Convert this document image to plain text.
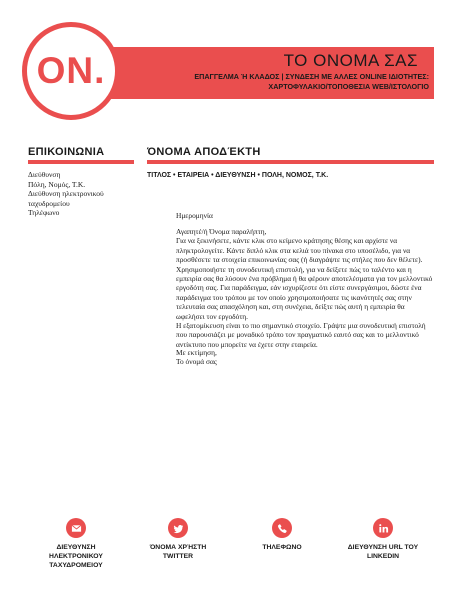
ON.	ΤΟ ΟΝΟΜΑ ΣΑΣ
ΕΠΑΓΓΕΛΜΑ Ή ΚΛΑΔΟΣ | ΣΥΝΔΕΣΗ ΜΕ ΑΛΛΕΣ ONLINE ΙΔΙΟΤΗΤΕΣ:
ΧΑΡΤΟΦΥΛΑΚΙΟ/ΤΟΠΟΘΕΣΙΑ WEB/ΙΣΤΟΛΟΓΙΟ
ΕΠΙΚΟΙΝΩΝΙΑ
Διεύθυνση
Πόλη, Νομός, Τ.Κ.
Διεύθυνση ηλεκτρονικού
ταχυδρομείου
Τηλέφωνο
ΌΝΟΜΑ ΑΠΟΔΈΚΤΗ
ΤΙΤΛΟΣ • ΕΤΑΙΡΕΙΑ • ΔΙΕΥΘΥΝΣΗ • ΠΟΛΗ, ΝΟΜΟΣ, Τ.Κ.
Ημερομηνία

Αγαπητέ/ή Όνομα παραλήπτη,

Για να ξεκινήσετε, κάντε κλικ στο κείμενο κράτησης θέσης και αρχίστε να πληκτρολογείτε. Κάντε διπλό κλικ στα κελιά του πίνακα στο υποσέλιδο, για να προσθέσετε τα στοιχεία επικοινωνίας σας (ή διαγράψτε τις στήλες που δεν θέλετε).

Χρησιμοποιήστε τη συνοδευτική επιστολή, για να δείξετε πώς το ταλέντο και η εμπειρία σας θα λύσουν ένα πρόβλημα ή θα φέρουν αποτελέσματα για τον μελλοντικό εργοδότη σας. Για παράδειγμα, εάν ισχυρίζεστε ότι είστε συνεργάσιμοι, δώστε ένα παράδειγμα του τρόπου με τον οποίο χρησιμοποιήσατε τις ικανότητές σας στην τελευταία σας απασχόληση και, στη συνέχεια, δείξτε πώς αυτή η εμπειρία θα ωφελήσει τον εργοδότη.

Η εξατομίκευση είναι το πιο σημαντικό στοιχείο. Γράψτε μια συνοδευτική επιστολή που παρουσιάζει με μοναδικό τρόπο τον πραγματικό εαυτό σας και το μελλοντικό αντίκτυπο που μπορείτε να έχετε στην εταιρεία.

Με εκτίμηση,

Το όνομά σας

ΔΙΕΥΘΥΝΣΗ
ΗΛΕΚΤΡΟΝΙΚΟΥ
ΤΑΧΥΔΡΟΜΕΙΟΥ
ΌΝΟΜΑ ΧΡΉΣΤΗ
TWITTER
ΤΗΛΕΦΩΝΟ	ΔΙΕΥΘΥΝΣΗ URL ΤΟΥ
LINKEDIN
